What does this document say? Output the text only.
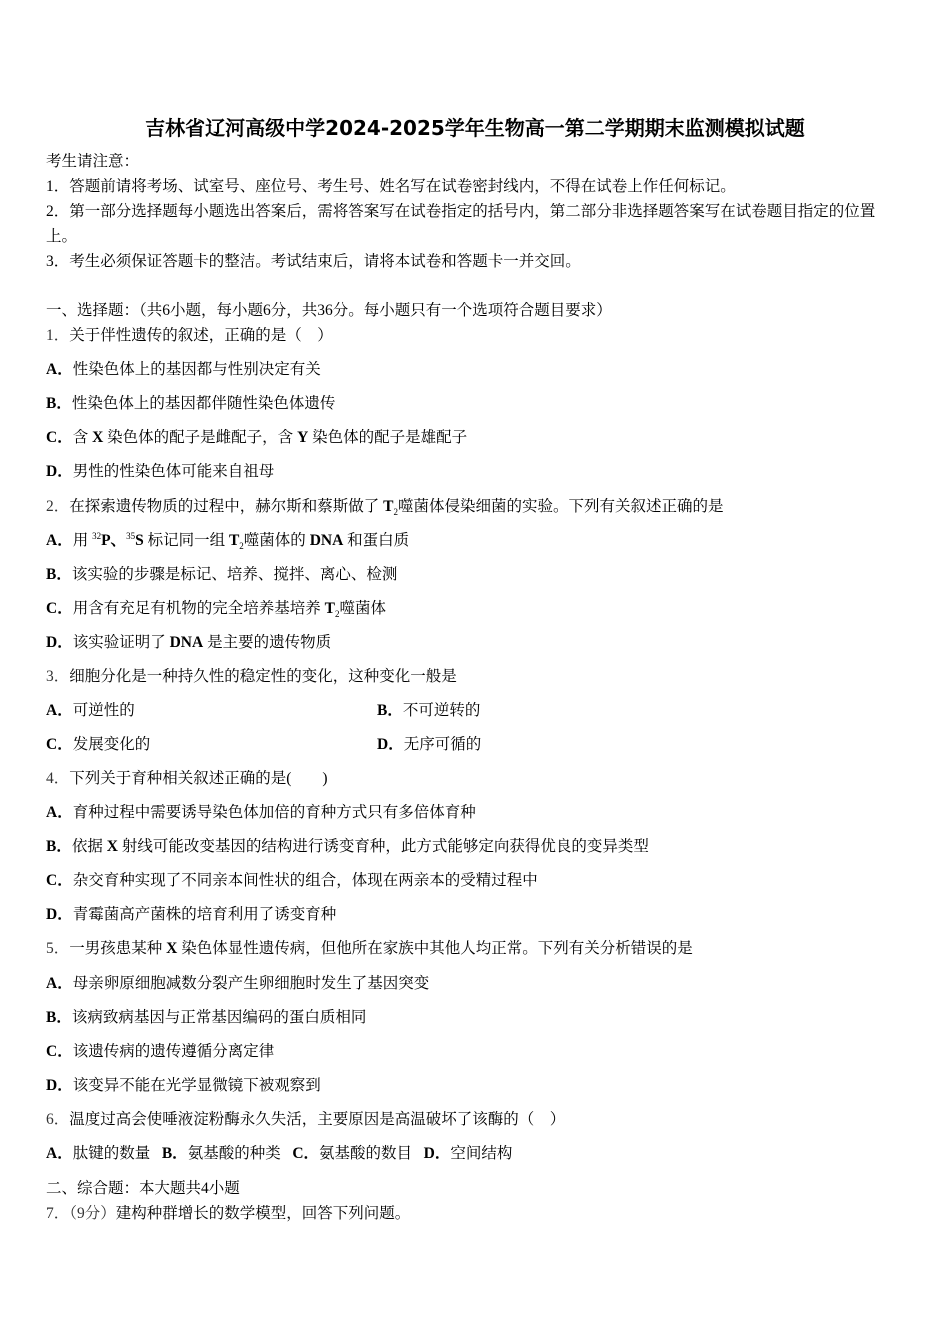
吉林省辽河高级中学2024-2025学年生物高一第二学期期末监测模拟试题
考生请注意：
1．答题前请将考场、试室号、座位号、考生号、姓名写在试卷密封线内，不得在试卷上作任何标记。
2．第一部分选择题每小题选出答案后，需将答案写在试卷指定的括号内，第二部分非选择题答案写在试卷题目指定的位置上。
3．考生必须保证答题卡的整洁。考试结束后，请将本试卷和答题卡一并交回。
一、选择题：（共6小题，每小题6分，共36分。每小题只有一个选项符合题目要求）
1．关于伴性遗传的叙述，正确的是（　）
A．性染色体上的基因都与性别决定有关
B．性染色体上的基因都伴随性染色体遗传
C．含 X 染色体的配子是雌配子，含 Y 染色体的配子是雄配子
D．男性的性染色体可能来自祖母
2．在探索遗传物质的过程中，赫尔斯和蔡斯做了 $T_2$噬菌体侵染细菌的实验。下列有关叙述正确的是
A．用 $^{32}$P、$^{35}$S 标记同一组 $T_2$噬菌体的 DNA 和蛋白质
B．该实验的步骤是标记、培养、搅拌、离心、检测
C．用含有充足有机物的完全培养基培养 $T_2$噬菌体
D．该实验证明了 DNA 是主要的遗传物质
3．细胞分化是一种持久性的稳定性的变化，这种变化一般是
A．可逆性的	B．不可逆转的
C．发展变化的	D．无序可循的
4．下列关于育种相关叙述正确的是(　　)
A．育种过程中需要诱导染色体加倍的育种方式只有多倍体育种
B．依据 X 射线可能改变基因的结构进行诱变育种，此方式能够定向获得优良的变异类型
C．杂交育种实现了不同亲本间性状的组合，体现在两亲本的受精过程中
D．青霉菌高产菌株的培育利用了诱变育种
5．一男孩患某种 X 染色体显性遗传病，但他所在家族中其他人均正常。下列有关分析错误的是
A．母亲卵原细胞减数分裂产生卵细胞时发生了基因突变
B．该病致病基因与正常基因编码的蛋白质相同
C．该遗传病的遗传遵循分离定律
D．该变异不能在光学显微镜下被观察到
6．温度过高会使唾液淀粉酶永久失活，主要原因是高温破坏了该酶的（　）
A．肽键的数量 B．氨基酸的种类 C．氨基酸的数目 D．空间结构
二、综合题：本大题共4小题
7．（9分）建构种群增长的数学模型，回答下列问题。
